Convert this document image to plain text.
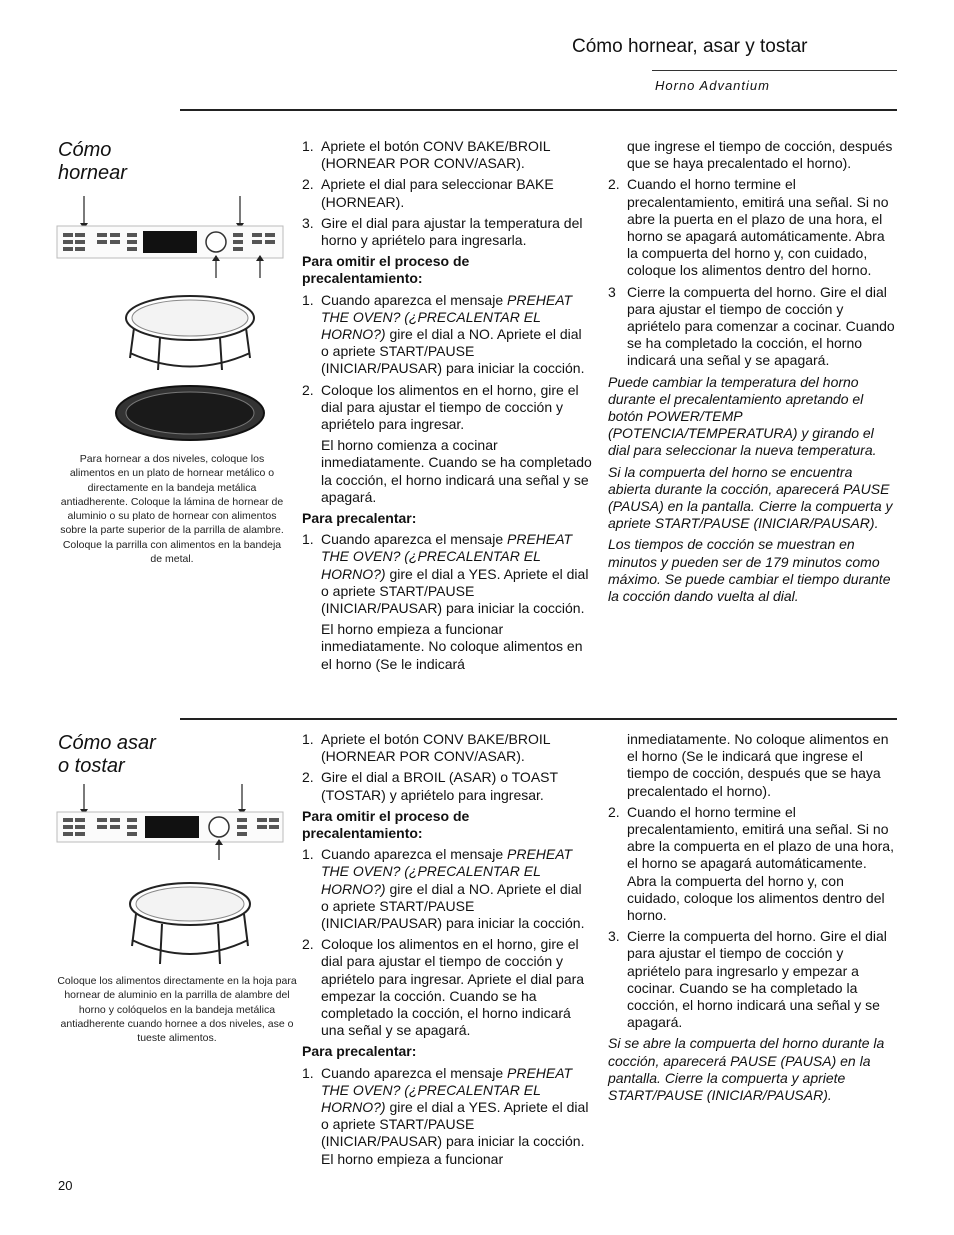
Cómo hornear, asar y tostar
Horno Advantium
Cómo
hornear
Para hornear a dos niveles, coloque los alimentos en un plato de hornear metálico o directamente en la bandeja metálica antiadherente. Coloque la lámina de hornear de aluminio o su plato de hornear con alimentos sobre la parte superior de la parrilla de alambre. Coloque la parrilla con alimentos en la bandeja de metal.
1. Apriete el botón CONV BAKE/BROIL (HORNEAR POR CONV/ASAR).
2. Apriete el dial para seleccionar BAKE (HORNEAR).
3. Gire el dial para ajustar la temperatura del horno y apriételo para ingresarla.
Para omitir el proceso de precalentamiento:
1. Cuando aparezca el mensaje PREHEAT THE OVEN? (¿PRECALENTAR EL HORNO?) gire el dial a NO. Apriete el dial o apriete START/PAUSE (INICIAR/PAUSAR) para iniciar la cocción.
2. Coloque los alimentos en el horno, gire el dial para ajustar el tiempo de cocción y apriételo para ingresar.

El horno comienza a cocinar inmediatamente. Cuando se ha completado la cocción, el horno indicará una señal y se apagará.

Para precalentar:
1. Cuando aparezca el mensaje PREHEAT THE OVEN? (¿PRECALENTAR EL HORNO?) gire el dial a YES. Apriete el dial o apriete START/PAUSE (INICIAR/PAUSAR) para iniciar la cocción.

El horno empieza a funcionar inmediatamente. No coloque alimentos en el horno (Se le indicará

que ingrese el tiempo de cocción, después que se haya precalentado el horno).

2. Cuando el horno termine el precalentamiento, emitirá una señal. Si no abre la puerta en el plazo de una hora, el horno se apagará automáticamente. Abra la compuerta del horno y, con cuidado, coloque los alimentos dentro del horno.
3 Cierre la compuerta del horno. Gire el dial para ajustar el tiempo de cocción y apriételo para comenzar a cocinar. Cuando se ha completado la cocción, el horno indicará una señal y se apagará.

Puede cambiar la temperatura del horno durante el precalentamiento apretando el botón POWER/TEMP (POTENCIA/TEMPERATURA) y girando el dial para seleccionar la nueva temperatura.

Si la compuerta del horno se encuentra abierta durante la cocción, aparecerá PAUSE (PAUSA) en la pantalla. Cierre la compuerta y apriete START/PAUSE (INICIAR/PAUSAR).

Los tiempos de cocción se muestran en minutos y pueden ser de 179 minutos como máximo. Se puede cambiar el tiempo durante la cocción dando vuelta al dial.

Cómo asar
o tostar
Coloque los alimentos directamente en la hoja para hornear de aluminio en la parrilla de alambre del horno y colóquelos en la bandeja metálica antiadherente cuando hornee a dos niveles, ase o tueste alimentos.
1. Apriete el botón CONV BAKE/BROIL (HORNEAR POR CONV/ASAR).
2. Gire el dial a BROIL (ASAR) o TOAST (TOSTAR) y apriételo para ingresar.
Para omitir el proceso de precalentamiento:
1. Cuando aparezca el mensaje PREHEAT THE OVEN? (¿PRECALENTAR EL HORNO?) gire el dial a NO. Apriete el dial o apriete START/PAUSE (INICIAR/PAUSAR) para iniciar la cocción.
2. Coloque los alimentos en el horno, gire el dial para ajustar el tiempo de cocción y apriételo para ingresar. Apriete el dial para empezar la cocción. Cuando se ha completado la cocción, el horno indicará una señal y se apagará.
Para precalentar:
1. Cuando aparezca el mensaje PREHEAT THE OVEN? (¿PRECALENTAR EL HORNO?) gire el dial a YES. Apriete el dial o apriete START/PAUSE (INICIAR/PAUSAR) para iniciar la cocción. El horno empieza a funcionar

inmediatamente. No coloque alimentos en el horno (Se le indicará que ingrese el tiempo de cocción, después que se haya precalentado el horno).

2. Cuando el horno termine el precalentamiento, emitirá una señal. Si no abre la compuerta en el plazo de una hora, el horno se apagará automáticamente. Abra la compuerta del horno y, con cuidado, coloque los alimentos dentro del horno.
3. Cierre la compuerta del horno. Gire el dial para ajustar el tiempo de cocción y apriételo para ingresarlo y empezar a cocinar. Cuando se ha completado la cocción, el horno indicará una señal y se apagará.

Si se abre la compuerta del horno durante la cocción, aparecerá PAUSE (PAUSA) en la pantalla. Cierre la compuerta y apriete START/PAUSE (INICIAR/PAUSAR).

20
